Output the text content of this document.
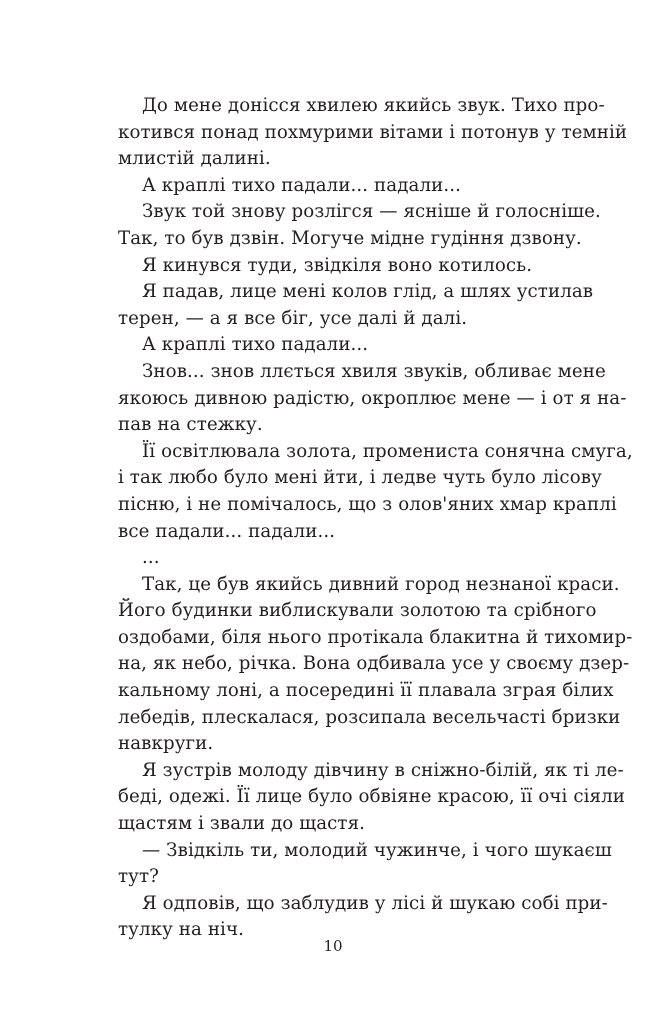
До мене донісся хвилею якийсь звук. Тихо про-
котився понад похмурими вітами і потонув у темній
млистій далині.
А краплі тихо падали... падали...
Звук той знову розлігся — ясніше й голосніше.
Так, то був дзвін. Могуче мідне гудіння дзвону.
Я кинувся туди, звідкіля воно котилось.
Я падав, лице мені колов глід, а шлях устилав
терен, — а я все біг, усе далі й далі.
А краплі тихо падали...
Знов... знов ллється хвиля звуків, обливає мене
якоюсь дивною радістю, окроплює мене — і от я на-
пав на стежку.
Її освітлювала золота, промениста сонячна смуга,
і так любо було мені йти, і ледве чуть було лісову
пісню, і не помічалось, що з олов'яних хмар краплі
все падали... падали...
...
Так, це був якийсь дивний город незнаної краси.
Його будинки виблискували золотою та срібного
оздобами, біля нього протікала блакитна й тихомир-
на, як небо, річка. Вона одбивала усе у своєму дзер-
кальному лоні, а посередині її плавала зграя білих
лебедів, плескалася, розсипала весельчасті бризки
навкруги.
Я зустрів молоду дівчину в сніжно-білій, як ті ле-
беді, одежі. Її лице було обвіяне красою, її очі сіяли
щастям і звали до щастя.
— Звідкіль ти, молодий чужинче, і чого шукаєш
тут?
Я одповів, що заблудив у лісі й шукаю собі при-
тулку на ніч.
10
